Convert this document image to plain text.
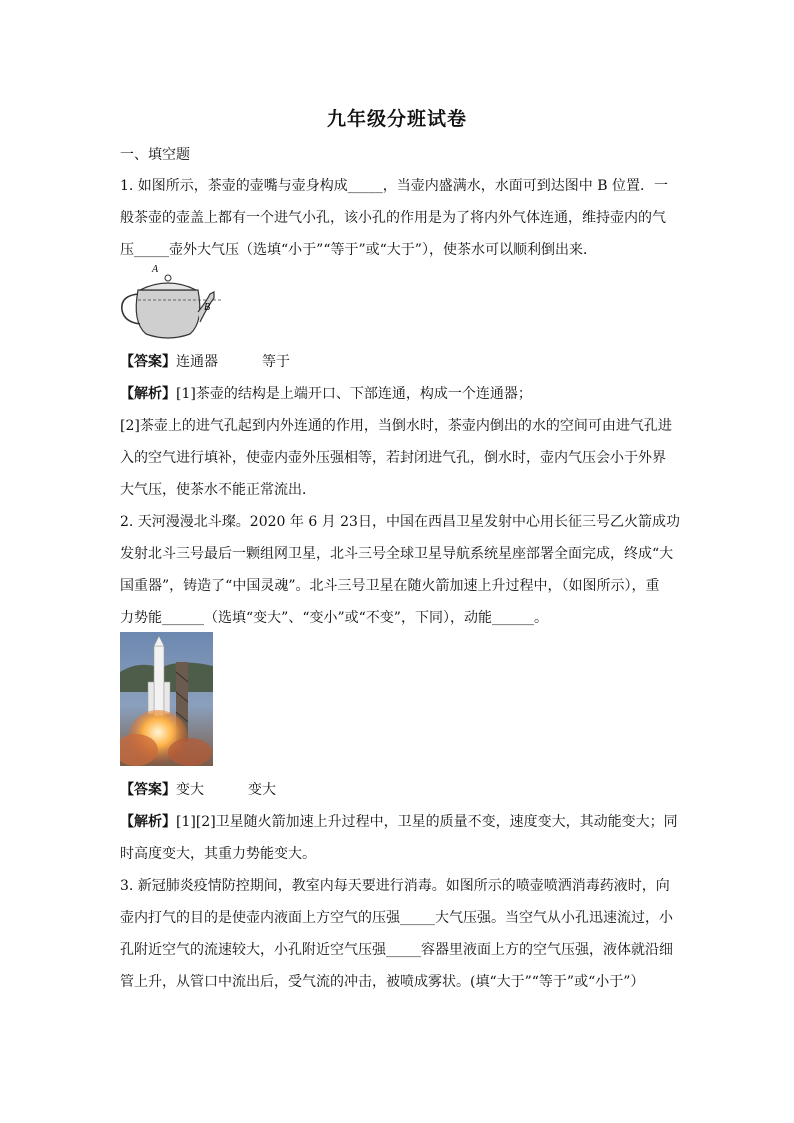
九年级分班试卷
一、填空题
1. 如图所示，茶壶的壶嘴与壶身构成_____，当壶内盛满水，水面可到达图中 B 位置．一
般茶壶的壶盖上都有一个进气小孔，该小孔的作用是为了将内外气体连通，维持壶内的气
压_____壶外大气压（选填“小于”“等于”或“大于”），使茶水可以顺利倒出来．
A
B
【答案】连通器	等于
【解析】[1]茶壶的结构是上端开口、下部连通，构成一个连通器；
[2]茶壶上的进气孔起到内外连通的作用，当倒水时，茶壶内倒出的水的空间可由进气孔进
入的空气进行填补，使壶内壶外压强相等，若封闭进气孔，倒水时，壶内气压会小于外界
大气压，使茶水不能正常流出．
2. 天河漫漫北斗璨。2020 年 6 月 23日，中国在西昌卫星发射中心用长征三号乙火箭成功
发射北斗三号最后一颗组网卫星，北斗三号全球卫星导航系统星座部署全面完成，终成“大
国重器”，铸造了“中国灵魂”。北斗三号卫星在随火箭加速上升过程中，（如图所示），重
力势能______（选填“变大”、“变小”或“不变”，下同），动能______。
【答案】变大	变大
【解析】[1][2]卫星随火箭加速上升过程中，卫星的质量不变，速度变大，其动能变大；同
时高度变大，其重力势能变大。
3. 新冠肺炎疫情防控期间，教室内每天要进行消毒。如图所示的喷壶喷洒消毒药液时，向
壶内打气的目的是使壶内液面上方空气的压强_____大气压强。当空气从小孔迅速流过，小
孔附近空气的流速较大，小孔附近空气压强_____容器里液面上方的空气压强，液体就沿细
管上升，从管口中流出后，受气流的冲击，被喷成雾状。(填“大于”“等于”或“小于”）
